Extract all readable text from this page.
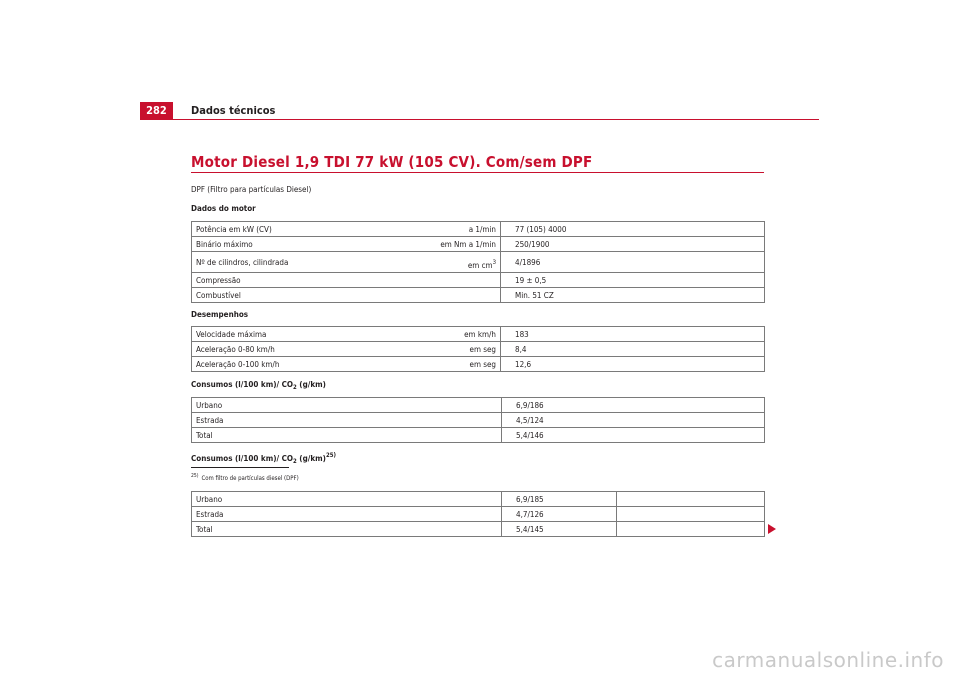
282	Dados técnicos
Motor Diesel 1,9 TDI 77 kW (105 CV). Com/sem DPF
DPF (Filtro para partículas Diesel)
Dados do motor
Potência em kW (CV)	a 1/min	77 (105) 4000
Binário máximo	em Nm a 1/min	250/1900
Nº de cilindros, cilindrada	em $cm^3$	4/1896
Compressão		19 ± 0,5
Combustível		Min. 51 CZ
Desempenhos
Velocidade máxima	em km/h	183
Aceleração 0-80 km/h	em seg	8,4
Aceleração 0-100 km/h	em seg	12,6
Consumos (l/100 km)/ $CO_2$ (g/km)
Urbano	6,9/186
Estrada	4,5/124
Total	5,4/146
Consumos (l/100 km)/ $CO_2$ $(g/km)^{25)}$
$^{25)}$ Com filtro de partículas diesel (DPF)
Urbano	6,9/185	
Estrada	4,7/126	
Total	5,4/145	
carmanualsonline.info
